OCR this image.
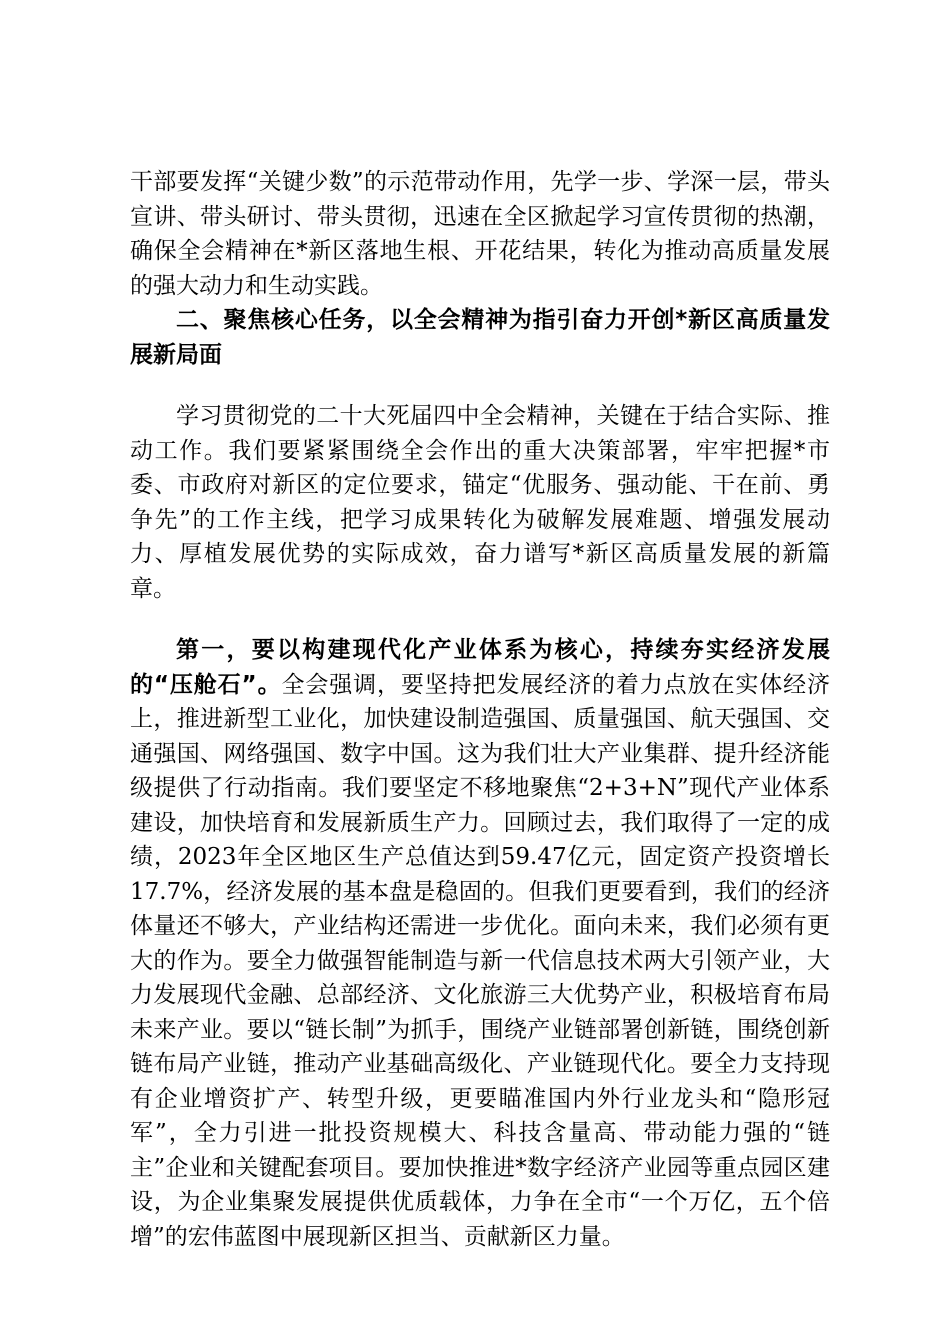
干部要发挥“关键少数”的示范带动作用，先学一步、学深一层，带头宣讲、带头研讨、带头贯彻，迅速在全区掀起学习宣传贯彻的热潮，确保全会精神在*新区落地生根、开花结果，转化为推动高质量发展的强大动力和生动实践。

二、聚焦核心任务，以全会精神为指引奋力开创*新区高质量发展新局面

学习贯彻党的二十大死届四中全会精神，关键在于结合实际、推动工作。我们要紧紧围绕全会作出的重大决策部署，牢牢把握*市委、市政府对新区的定位要求，锚定“优服务、强动能、干在前、勇争先”的工作主线，把学习成果转化为破解发展难题、增强发展动力、厚植发展优势的实际成效，奋力谱写*新区高质量发展的新篇章。

第一，要以构建现代化产业体系为核心，持续夯实经济发展的“压舱石”。全会强调，要坚持把发展经济的着力点放在实体经济上，推进新型工业化，加快建设制造强国、质量强国、航天强国、交通强国、网络强国、数字中国。这为我们壮大产业集群、提升经济能级提供了行动指南。我们要坚定不移地聚焦“2+3+N”现代产业体系建设，加快培育和发展新质生产力。回顾过去，我们取得了一定的成绩，2023年全区地区生产总值达到59.47亿元，固定资产投资增长17.7%，经济发展的基本盘是稳固的。但我们更要看到，我们的经济体量还不够大，产业结构还需进一步优化。面向未来，我们必须有更大的作为。要全力做强智能制造与新一代信息技术两大引领产业，大力发展现代金融、总部经济、文化旅游三大优势产业，积极培育布局未来产业。要以“链长制”为抓手，围绕产业链部署创新链，围绕创新链布局产业链，推动产业基础高级化、产业链现代化。要全力支持现有企业增资扩产、转型升级，更要瞄准国内外行业龙头和“隐形冠军”，全力引进一批投资规模大、科技含量高、带动能力强的“链主”企业和关键配套项目。要加快推进*数字经济产业园等重点园区建设，为企业集聚发展提供优质载体，力争在全市“一个万亿，五个倍增”的宏伟蓝图中展现新区担当、贡献新区力量。
